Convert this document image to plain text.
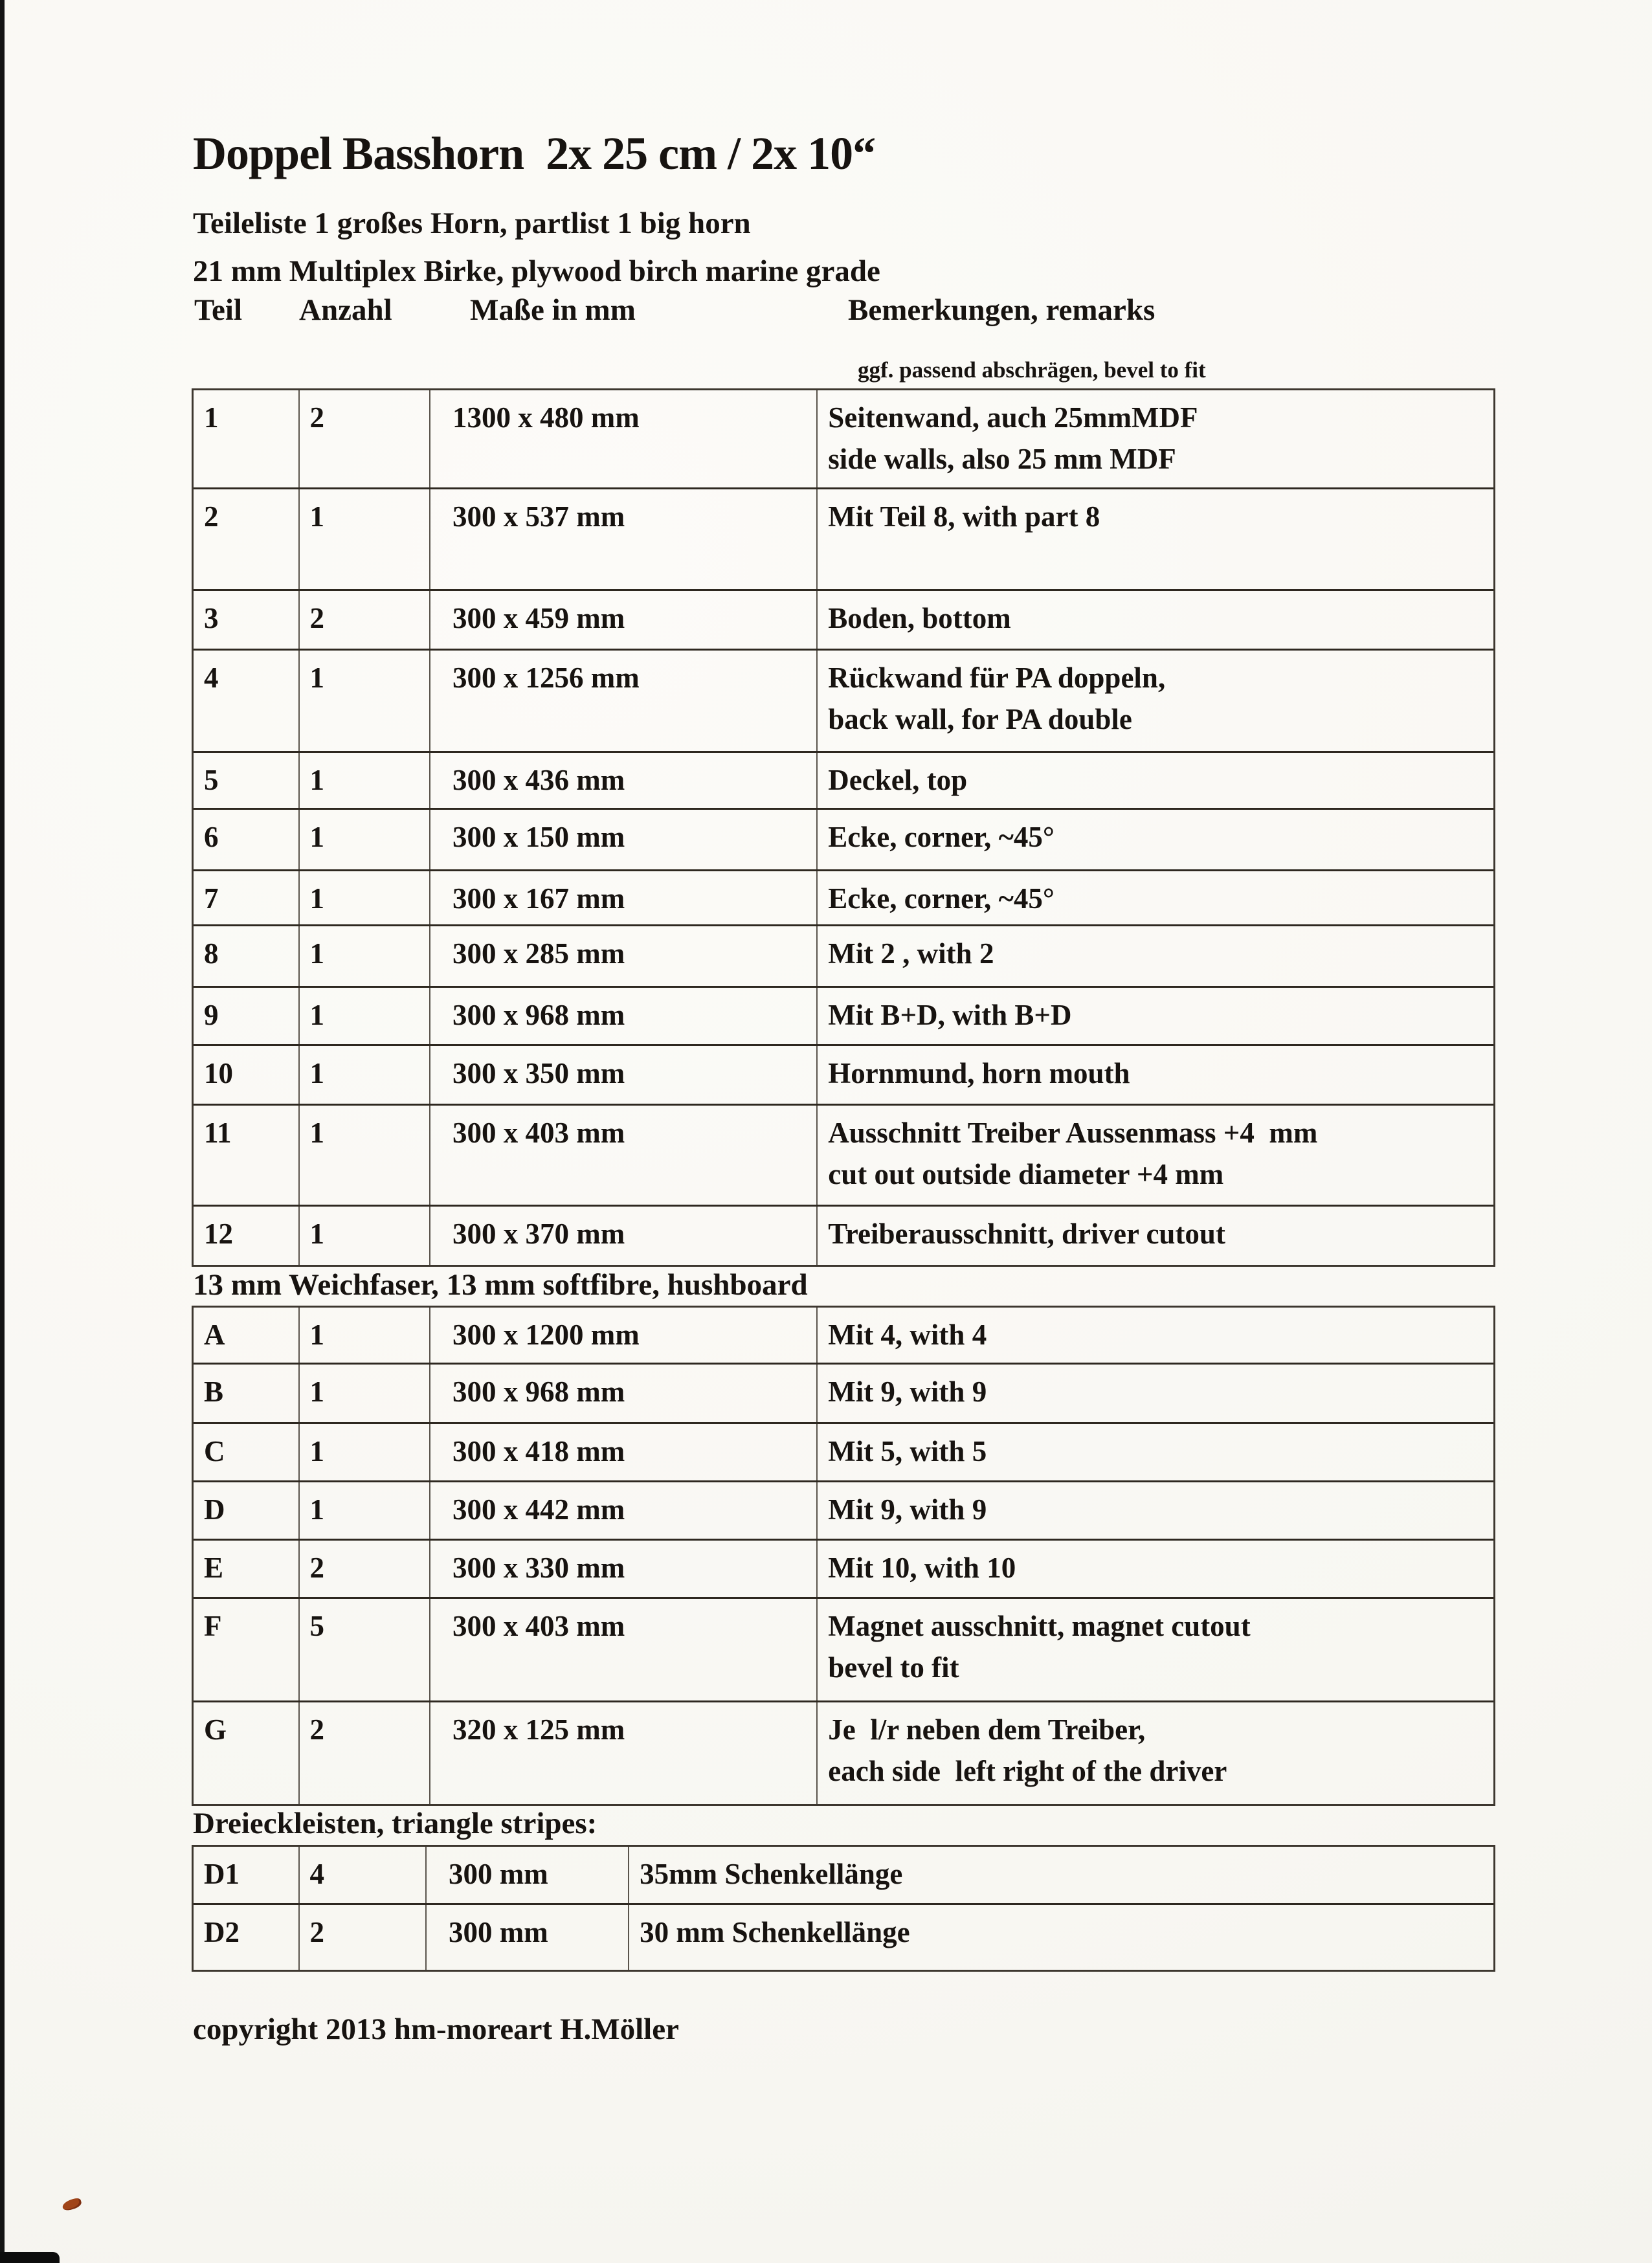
Doppel Basshorn  2x 25 cm / 2x 10“
Teileliste 1 großes Horn, partlist 1 big horn
21 mm Multiplex Birke, plywood birch marine grade
Teil Anzahl	Maße in mm	Bemerkungen, remarks
ggf. passend abschrägen, bevel to fit
1	2	1300 x 480 mm	Seitenwand, auch 25mmMDF
side walls, also 25 mm MDF
2	1	300 x 537 mm	Mit Teil 8, with part 8
3	2	300 x 459 mm	Boden, bottom
4	1	300 x 1256 mm	Rückwand für PA doppeln,
back wall, for PA double
5	1	300 x 436 mm	Deckel, top
6	1	300 x 150 mm	Ecke, corner, ~45°
7	1	300 x 167 mm	Ecke, corner, ~45°
8	1	300 x 285 mm	Mit 2 , with 2
9	1	300 x 968 mm	Mit B+D, with B+D
10	1	300 x 350 mm	Hornmund, horn mouth
11	1	300 x 403 mm	Ausschnitt Treiber Aussenmass +4  mm
cut out outside diameter +4 mm
12	1	300 x 370 mm	Treiberausschnitt, driver cutout
13 mm Weichfaser, 13 mm softfibre, hushboard
A	1	300 x 1200 mm	Mit 4, with 4
B	1	300 x 968 mm	Mit 9, with 9
C	1	300 x 418 mm	Mit 5, with 5
D	1	300 x 442 mm	Mit 9, with 9
E	2	300 x 330 mm	Mit 10, with 10
F	5	300 x 403 mm	Magnet ausschnitt, magnet cutout
bevel to fit
G	2	320 x 125 mm	Je  l/r neben dem Treiber,
each side  left right of the driver
Dreieckleisten, triangle stripes:
D1	4	300 mm	35mm Schenkellänge
D2	2	300 mm	30 mm Schenkellänge
copyright 2013 hm-moreart H.Möller
